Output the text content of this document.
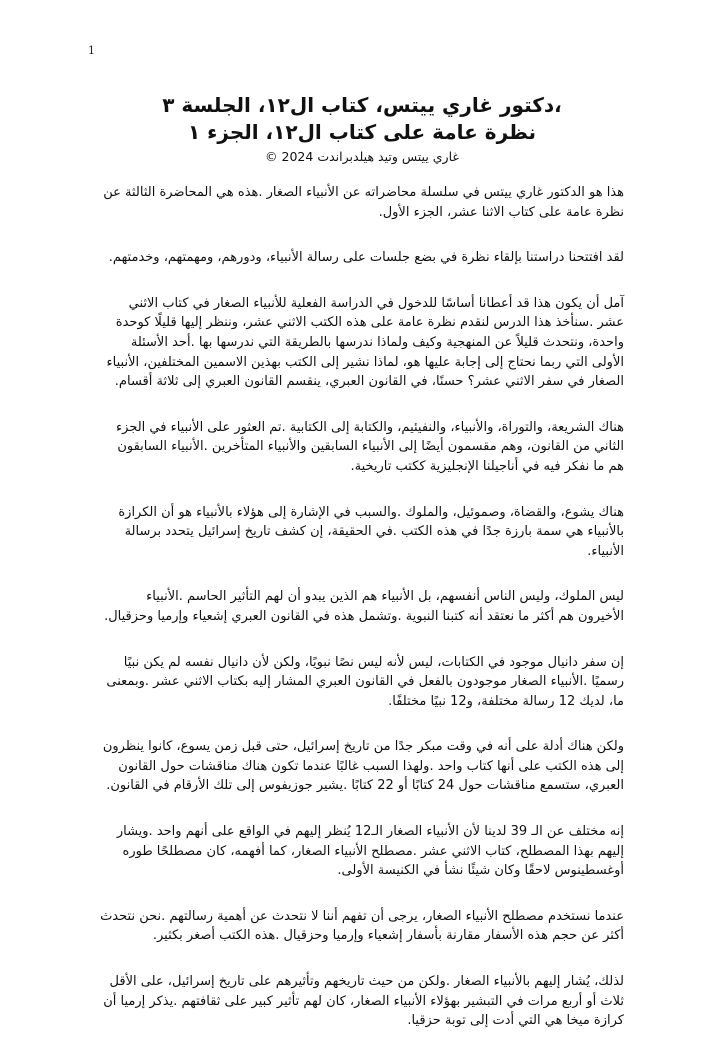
1

،دكتور غاري ييتس، كتاب ال١٢، الجلسة ٣

نظرة عامة على كتاب ال١٢، الجزء ١

غاري ييتس وتيد هيلدبراندت 2024 ©

هذا هو الدكتور غاري ييتس في سلسلة محاضراته عن الأنبياء الصغار .هذه هي المحاضرة الثالثة عن نظرة عامة على كتاب الاثنا عشر، الجزء الأول.

لقد افتتحنا دراستنا بإلقاء نظرة في بضع جلسات على رسالة الأنبياء، ودورهم، ومهمتهم، وخدمتهم.

آمل أن يكون هذا قد أعطانا أساسًا للدخول في الدراسة الفعلية للأنبياء الصغار في كتاب الاثني عشر .سنأخذ هذا الدرس لنقدم نظرة عامة على هذه الكتب الاثني عشر، وننظر إليها قليلًا كوحدة واحدة، ونتحدث قليلاً عن المنهجية وكيف ولماذا ندرسها بالطريقة التي ندرسها بها .أحد الأسئلة الأولى التي ربما نحتاج إلى إجابة عليها هو، لماذا نشير إلى الكتب بهذين الاسمين المختلفين، الأنبياء الصغار في سفر الاثني عشر؟ حسنًا، في القانون العبري، ينقسم القانون العبري إلى ثلاثة أقسام.

هناك الشريعة، والتوراة، والأنبياء، والنفيئيم، والكتابة إلى الكتابية .تم العثور على الأنبياء في الجزء الثاني من القانون، وهم مقسمون أيضًا إلى الأنبياء السابقين والأنبياء المتأخرين .الأنبياء السابقون هم ما نفكر فيه في أناجيلنا الإنجليزية ككتب تاريخية.

هناك يشوع، والقضاة، وصموئيل، والملوك .والسبب في الإشارة إلى هؤلاء بالأنبياء هو أن الكرازة بالأنبياء هي سمة بارزة جدًا في هذه الكتب .في الحقيقة، إن كشف تاريخ إسرائيل يتحدد برسالة الأنبياء.

ليس الملوك، وليس الناس أنفسهم، بل الأنبياء هم الذين يبدو أن لهم التأثير الحاسم .الأنبياء الأخيرون هم أكثر ما نعتقد أنه كتبنا النبوية .وتشمل هذه في القانون العبري إشعياء وإرميا وحزقيال.

إن سفر دانيال موجود في الكتابات، ليس لأنه ليس نصًا نبويًا، ولكن لأن دانيال نفسه لم يكن نبيًا رسميًا .الأنبياء الصغار موجودون بالفعل في القانون العبري المشار إليه بكتاب الاثني عشر .وبمعنى ما، لديك 12 رسالة مختلفة، و12 نبيًا مختلفًا.

ولكن هناك أدلة على أنه في وقت مبكر جدًا من تاريخ إسرائيل، حتى قبل زمن يسوع، كانوا ينظرون إلى هذه الكتب على أنها كتاب واحد .ولهذا السبب غالبًا عندما تكون هناك مناقشات حول القانون العبري، ستسمع مناقشات حول 24 كتابًا أو 22 كتابًا .يشير جوزيفوس إلى تلك الأرقام في القانون.

إنه مختلف عن الـ 39 لدينا لأن الأنبياء الصغار الـ12 يُنظر إليهم في الواقع على أنهم واحد .ويشار إليهم بهذا المصطلح، كتاب الاثني عشر .مصطلح الأنبياء الصغار، كما أفهمه، كان مصطلحًا طوره أوغسطينوس لاحقًا وكان شيئًا نشأ في الكنيسة الأولى.

عندما نستخدم مصطلح الأنبياء الصغار، يرجى أن تفهم أننا لا نتحدث عن أهمية رسالتهم .نحن نتحدث أكثر عن حجم هذه الأسفار مقارنة بأسفار إشعياء وإرميا وحزقيال .هذه الكتب أصغر بكثير.

لذلك، يُشار إليهم بالأنبياء الصغار .ولكن من حيث تاريخهم وتأثيرهم على تاريخ إسرائيل، على الأقل ثلاث أو أربع مرات في التبشير بهؤلاء الأنبياء الصغار، كان لهم تأثير كبير على ثقافتهم .يذكر إرميا أن كرازة ميخا هي التي أدت إلى توبة حزقيا.
